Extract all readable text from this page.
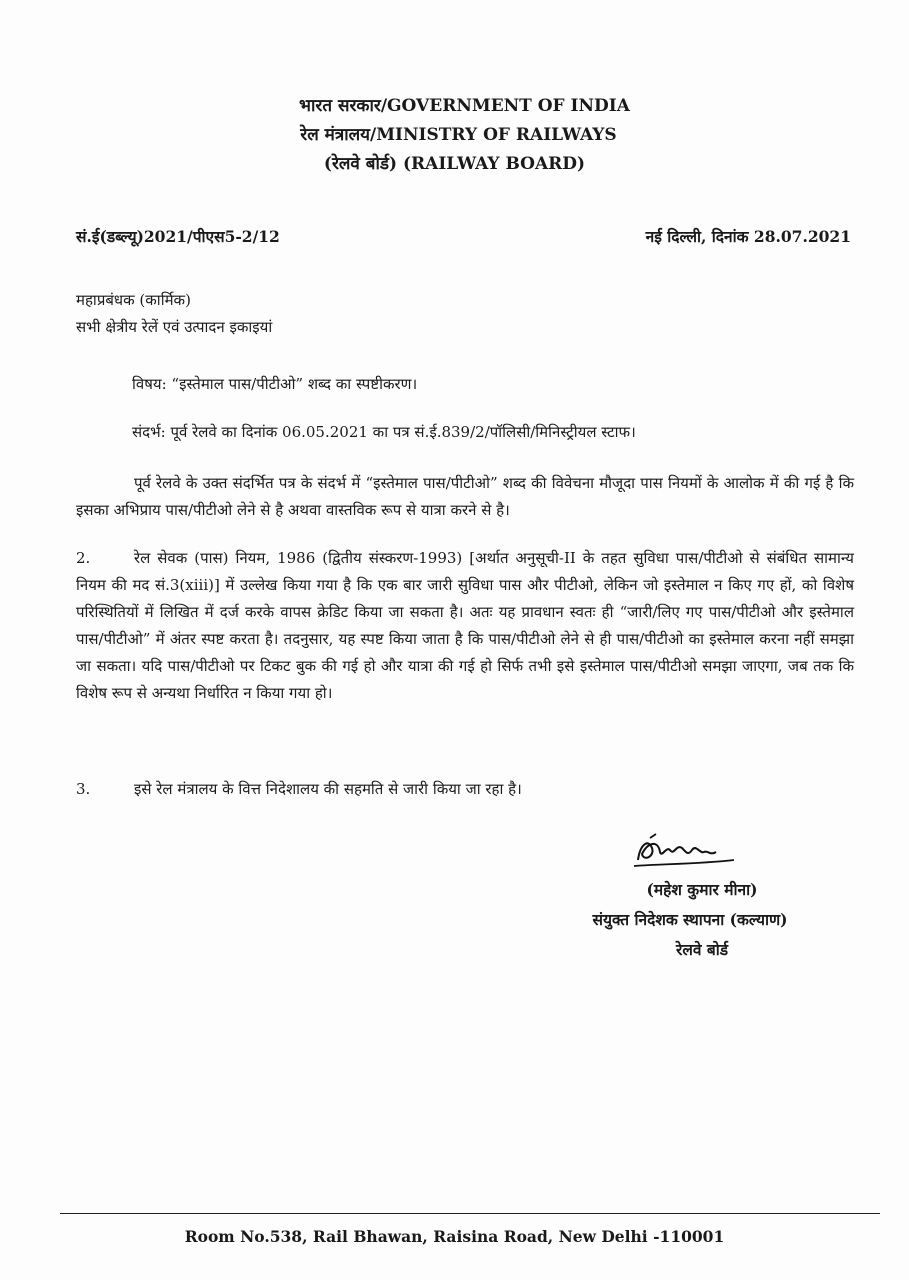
भारत सरकार/GOVERNMENT OF INDIA
रेल मंत्रालय/MINISTRY OF RAILWAYS
(रेलवे बोर्ड) (RAILWAY BOARD)
सं.ई(डब्ल्यू)2021/पीएस5-2/12	नई दिल्ली, दिनांक 28.07.2021
महाप्रबंधक (कार्मिक)
सभी क्षेत्रीय रेलें एवं उत्पादन इकाइयां
विषय: “इस्तेमाल पास/पीटीओ” शब्द का स्पष्टीकरण।
संदर्भ: पूर्व रेलवे का दिनांक 06.05.2021 का पत्र सं.ई.839/2/पॉलिसी/मिनिस्ट्रीयल स्टाफ।
पूर्व रेलवे के उक्त संदर्भित पत्र के संदर्भ में “इस्तेमाल पास/पीटीओ” शब्द की विवेचना मौजूदा पास नियमों के आलोक में की गई है कि इसका अभिप्राय पास/पीटीओ लेने से है अथवा वास्तविक रूप से यात्रा करने से है।
2.	रेल सेवक (पास) नियम, 1986 (द्वितीय संस्करण-1993) [अर्थात अनुसूची-II के तहत सुविधा पास/पीटीओ से संबंधित सामान्य नियम की मद सं.3(xiii)] में उल्लेख किया गया है कि एक बार जारी सुविधा पास और पीटीओ, लेकिन जो इस्तेमाल न किए गए हों, को विशेष परिस्थितियों में लिखित में दर्ज करके वापस क्रेडिट किया जा सकता है। अतः यह प्रावधान स्वतः ही “जारी/लिए गए पास/पीटीओ और इस्तेमाल पास/पीटीओ” में अंतर स्पष्ट करता है। तदनुसार, यह स्पष्ट किया जाता है कि पास/पीटीओ लेने से ही पास/पीटीओ का इस्तेमाल करना नहीं समझा जा सकता। यदि पास/पीटीओ पर टिकट बुक की गई हो और यात्रा की गई हो सिर्फ तभी इसे इस्तेमाल पास/पीटीओ समझा जाएगा, जब तक कि विशेष रूप से अन्यथा निर्धारित न किया गया हो।
3.	इसे रेल मंत्रालय के वित्त निदेशालय की सहमति से जारी किया जा रहा है।
(महेश कुमार मीना)
संयुक्त निदेशक स्थापना (कल्याण)
रेलवे बोर्ड
Room No.538, Rail Bhawan, Raisina Road, New Delhi -110001
